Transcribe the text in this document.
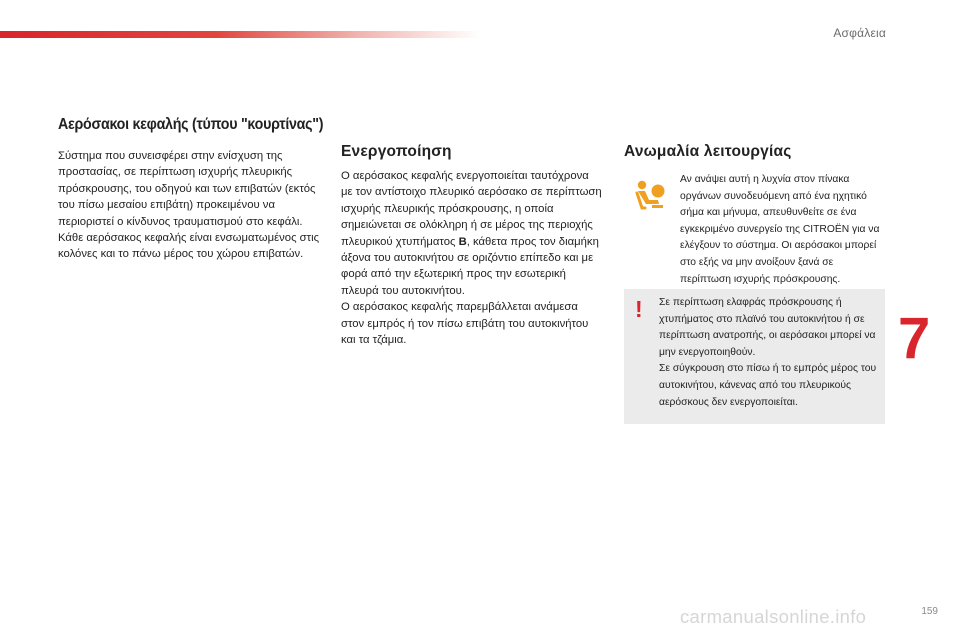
Ασφάλεια
7
159
Αερόσακοι κεφαλής (τύπου "κουρτίνας")

Σύστημα που συνεισφέρει στην ενίσχυση της προστασίας, σε περίπτωση ισχυρής πλευρικής πρόσκρουσης, του οδηγού και των επιβατών (εκτός του πίσω μεσαίου επιβάτη) προκειμένου να περιοριστεί ο κίνδυνος τραυματισμού στο κεφάλι.

Κάθε αερόσακος κεφαλής είναι ενσωματωμένος στις κολόνες και το πάνω μέρος του χώρου επιβατών.

Ενεργοποίηση

Ο αερόσακος κεφαλής ενεργοποιείται ταυτόχρονα με τον αντίστοιχο πλευρικό αερόσακο σε περίπτωση ισχυρής πλευρικής πρόσκρουσης, η οποία σημειώνεται σε ολόκληρη ή σε μέρος της περιοχής πλευρικού χτυπήματος B, κάθετα προς τον διαμήκη άξονα του αυτοκινήτου σε οριζόντιο επίπεδο και με φορά από την εξωτερική προς την εσωτερική πλευρά του αυτοκινήτου.

Ο αερόσακος κεφαλής παρεμβάλλεται ανάμεσα στον εμπρός ή τον πίσω επιβάτη του αυτοκινήτου και τα τζάμια.

Ανωμαλία λειτουργίας

Αν ανάψει αυτή η λυχνία στον πίνακα οργάνων συνοδευόμενη από ένα ηχητικό σήμα και μήνυμα, απευθυνθείτε σε ένα εγκεκριμένο συνεργείο της CITROËN για να ελέγξουν το σύστημα. Οι αερόσακοι μπορεί στο εξής να μην ανοίξουν ξανά σε περίπτωση ισχυρής πρόσκρουσης.

! Σε περίπτωση ελαφράς πρόσκρουσης ή χτυπήματος στο πλαϊνό του αυτοκινήτου ή σε περίπτωση ανατροπής, οι αερόσακοι μπορεί να μην ενεργοποιηθούν.
Σε σύγκρουση στο πίσω ή το εμπρός μέρος του αυτοκινήτου, κάνενας από του πλευρικούς αερόσκους δεν ενεργοποιείται.
carmanualsonline.info
